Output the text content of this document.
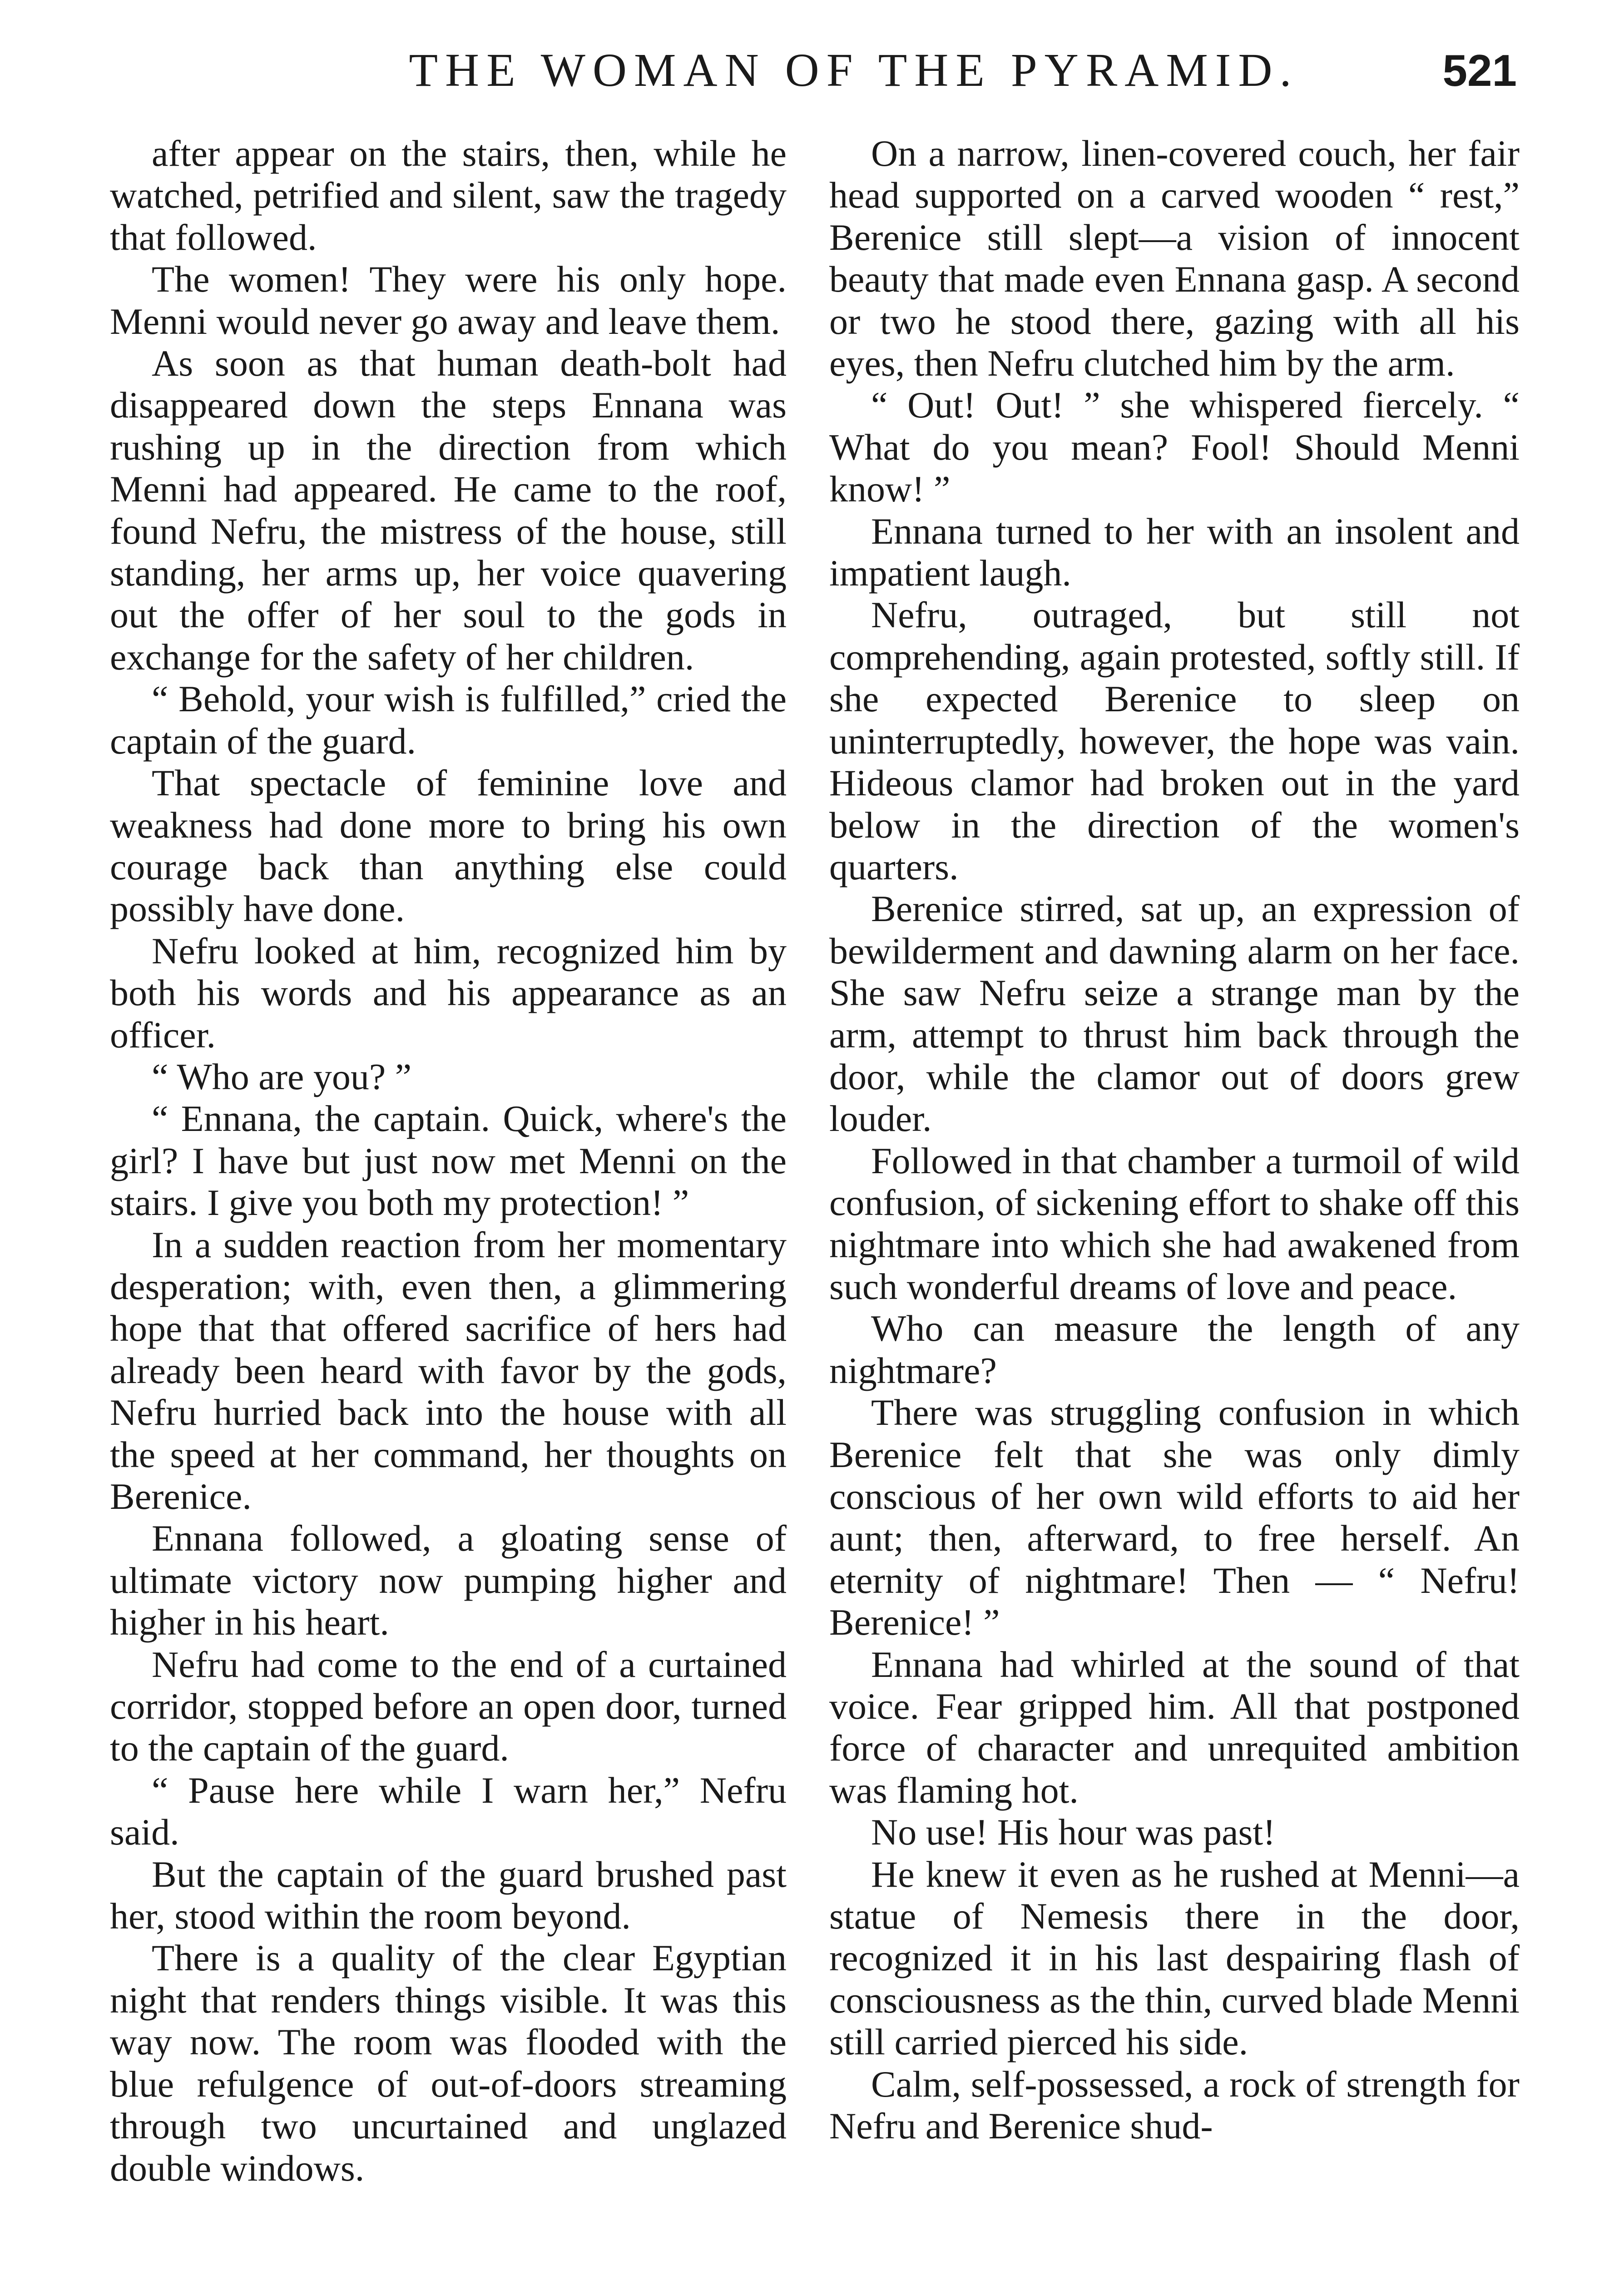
THE WOMAN OF THE PYRAMID.	521

after appear on the stairs, then, while he watched, petrified and silent, saw the tragedy that followed.

The women! They were his only hope. Menni would never go away and leave them.

As soon as that human death-bolt had disappeared down the steps Ennana was rushing up in the direction from which Menni had appeared. He came to the roof, found Nefru, the mistress of the house, still standing, her arms up, her voice quavering out the offer of her soul to the gods in exchange for the safety of her children.

“ Behold, your wish is fulfilled,” cried the captain of the guard.

That spectacle of feminine love and weakness had done more to bring his own courage back than anything else could possibly have done.

Nefru looked at him, recognized him by both his words and his appearance as an officer.

“ Who are you? ”

“ Ennana, the captain. Quick, where's the girl? I have but just now met Menni on the stairs. I give you both my protection! ”

In a sudden reaction from her momentary desperation; with, even then, a glimmering hope that that offered sacrifice of hers had already been heard with favor by the gods, Nefru hurried back into the house with all the speed at her command, her thoughts on Berenice.

Ennana followed, a gloating sense of ultimate victory now pumping higher and higher in his heart.

Nefru had come to the end of a curtained corridor, stopped before an open door, turned to the captain of the guard.

“ Pause here while I warn her,” Nefru said.

But the captain of the guard brushed past her, stood within the room beyond.

There is a quality of the clear Egyptian night that renders things visible. It was this way now. The room was flooded with the blue refulgence of out-of-doors streaming through two uncurtained and unglazed double windows.

On a narrow, linen-covered couch, her fair head supported on a carved wooden “ rest,” Berenice still slept—a vision of innocent beauty that made even Ennana gasp. A second or two he stood there, gazing with all his eyes, then Nefru clutched him by the arm.

“ Out! Out! ” she whispered fiercely. “ What do you mean? Fool! Should Menni know! ”

Ennana turned to her with an insolent and impatient laugh.

Nefru, outraged, but still not comprehending, again protested, softly still. If she expected Berenice to sleep on uninterruptedly, however, the hope was vain. Hideous clamor had broken out in the yard below in the direction of the women's quarters.

Berenice stirred, sat up, an expression of bewilderment and dawning alarm on her face. She saw Nefru seize a strange man by the arm, attempt to thrust him back through the door, while the clamor out of doors grew louder.

Followed in that chamber a turmoil of wild confusion, of sickening effort to shake off this nightmare into which she had awakened from such wonderful dreams of love and peace.

Who can measure the length of any nightmare?

There was struggling confusion in which Berenice felt that she was only dimly conscious of her own wild efforts to aid her aunt; then, afterward, to free herself. An eternity of nightmare! Then — “ Nefru! Berenice! ”

Ennana had whirled at the sound of that voice. Fear gripped him. All that postponed force of character and unrequited ambition was flaming hot.

No use! His hour was past!

He knew it even as he rushed at Menni—a statue of Nemesis there in the door, recognized it in his last despairing flash of consciousness as the thin, curved blade Menni still carried pierced his side.

Calm, self-possessed, a rock of strength for Nefru and Berenice shud-
